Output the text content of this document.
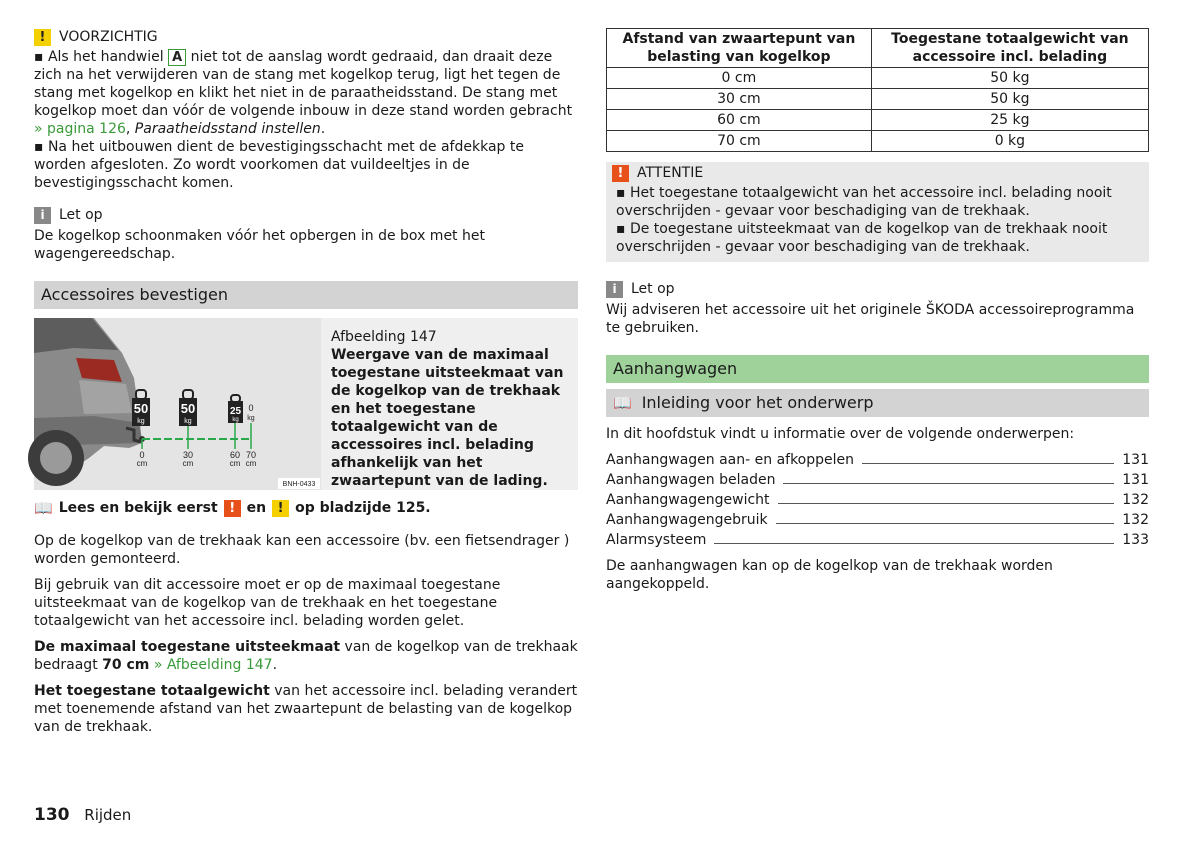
! VOORZICHTIG

▪ Als het handwiel A niet tot de aanslag wordt gedraaid, dan draait deze zich na het verwijderen van de stang met kogelkop terug, ligt het tegen de stang met kogelkop en klikt het niet in de paraatheidsstand. De stang met kogelkop moet dan vóór de volgende inbouw in deze stand worden gebracht » pagina 126, Paraatheidsstand instellen.

▪ Na het uitbouwen dient de bevestigingsschacht met de afdekkap te worden afgesloten. Zo wordt voorkomen dat vuildeeltjes in de bevestigingsschacht komen.

i	Let op

De kogelkop schoonmaken vóór het opbergen in de box met het wagengereedschap.

Accessoires bevestigen
50
kg
50
kg
25
kg
0
kg
0
cm
30
cm
60
cm
70
cm
BNH-0433

Afbeelding 147

Weergave van de maximaal toegestane uitsteekmaat van de kogelkop van de trekhaak en het toegestane totaalgewicht van de accessoires incl. belading afhankelijk van het zwaartepunt van de lading.

📖 Lees en bekijk eerst ! en ! op bladzijde 125.

Op de kogelkop van de trekhaak kan een accessoire (bv. een fietsendrager ) worden gemonteerd.

Bij gebruik van dit accessoire moet er op de maximaal toegestane uitsteekmaat van de kogelkop van de trekhaak en het toegestane totaalgewicht van het accessoire incl. belading worden gelet.

De maximaal toegestane uitsteekmaat van de kogelkop van de trekhaak bedraagt 70 cm » Afbeelding 147.

Het toegestane totaalgewicht van het accessoire incl. belading verandert met toenemende afstand van het zwaartepunt de belasting van de kogelkop van de trekhaak.

Afstand van zwaartepunt van belasting van kogelkop	Toegestane totaalgewicht van accessoire incl. belading
0 cm	50 kg
30 cm	50 kg
60 cm	25 kg
70 cm	0 kg
! ATTENTIE

▪ Het toegestane totaalgewicht van het accessoire incl. belading nooit overschrijden - gevaar voor beschadiging van de trekhaak.

▪ De toegestane uitsteekmaat van de kogelkop van de trekhaak nooit overschrijden - gevaar voor beschadiging van de trekhaak.

i	Let op

Wij adviseren het accessoire uit het originele ŠKODA accessoireprogramma te gebruiken.

Aanhangwagen
📖 Inleiding voor het onderwerp

In dit hoofdstuk vindt u informatie over de volgende onderwerpen:

Aanhangwagen aan- en afkoppelen	131
Aanhangwagen beladen	131
Aanhangwagengewicht	132
Aanhangwagengebruik	132
Alarmsysteem	133

De aanhangwagen kan op de kogelkop van de trekhaak worden aangekoppeld.

130 Rijden
